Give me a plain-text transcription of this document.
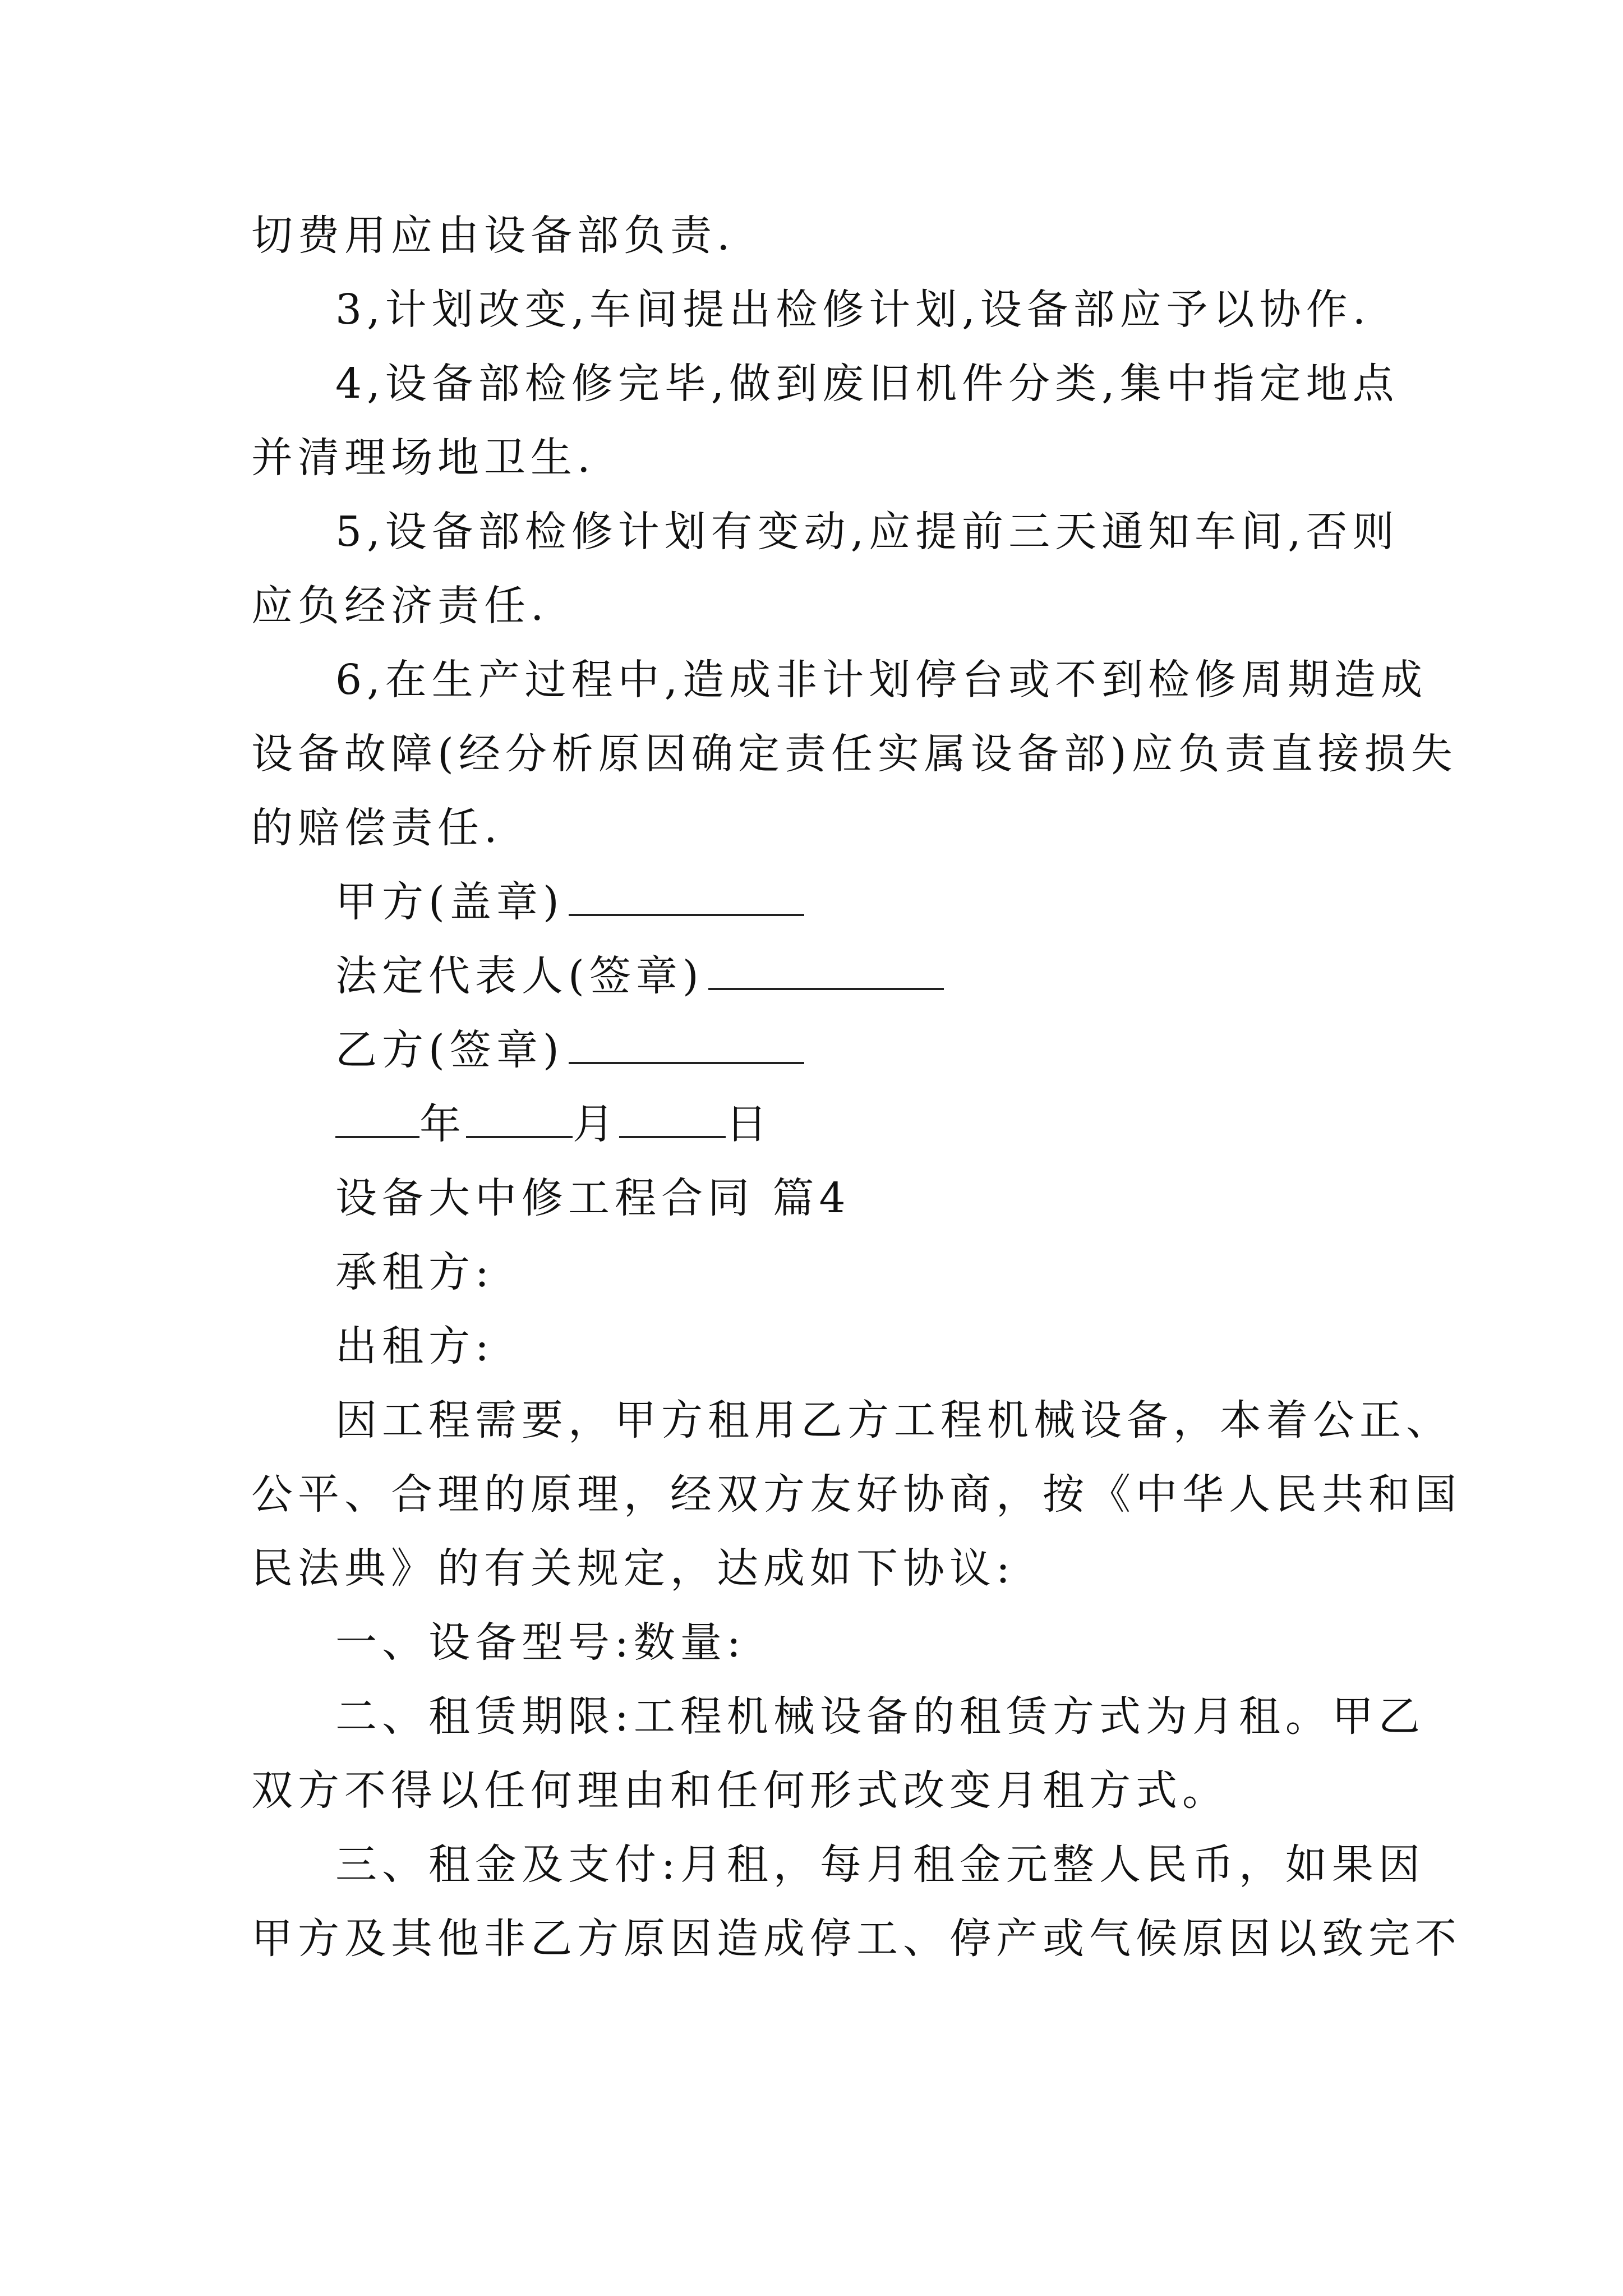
切费用应由设备部负责.
3,计划改变,车间提出检修计划,设备部应予以协作.
4,设备部检修完毕,做到废旧机件分类,集中指定地点
并清理场地卫生.
5,设备部检修计划有变动,应提前三天通知车间,否则
应负经济责任.
6,在生产过程中,造成非计划停台或不到检修周期造成
设备故障(经分析原因确定责任实属设备部)应负责直接损失
的赔偿责任.
甲方(盖章)
法定代表人(签章)
乙方(签章)
年	月	日
设备大中修工程合同 篇4
承租方:
出租方:
因工程需要，甲方租用乙方工程机械设备，本着公正、
公平、合理的原理，经双方友好协商，按《中华人民共和国
民法典》的有关规定，达成如下协议:
一、设备型号:数量:
二、租赁期限:工程机械设备的租赁方式为月租。甲乙
双方不得以任何理由和任何形式改变月租方式。
三、租金及支付:月租，每月租金元整人民币，如果因
甲方及其他非乙方原因造成停工、停产或气候原因以致完不
